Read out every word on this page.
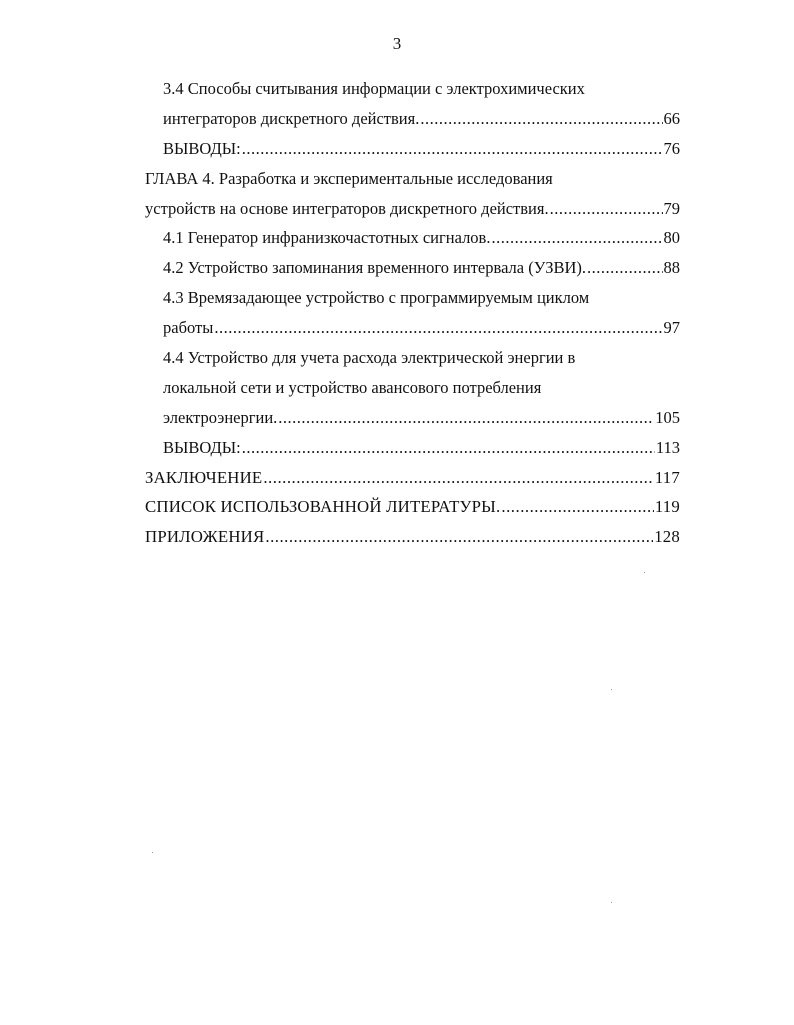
3
3.4 Способы считывания информации с электрохимических
интеграторов дискретного действия. .....	66
ВЫВОДЫ: .....	76
ГЛАВА 4. Разработка и экспериментальные исследования
устройств на основе интеграторов дискретного действия. .....	79
4.1 Генератор инфранизкочастотных сигналов. .....	80
4.2 Устройство запоминания временного интервала (УЗВИ). .....	88
4.3 Времязадающее устройство с программируемым циклом
работы .....	97
4.4 Устройство для учета расхода электрической энергии в
локальной сети и устройство авансового потребления
электроэнергии. .....	105
ВЫВОДЫ: .....	113
ЗАКЛЮЧЕНИЕ .....	117
СПИСОК ИСПОЛЬЗОВАННОЙ ЛИТЕРАТУРЫ. .....	119
ПРИЛОЖЕНИЯ .....	128
